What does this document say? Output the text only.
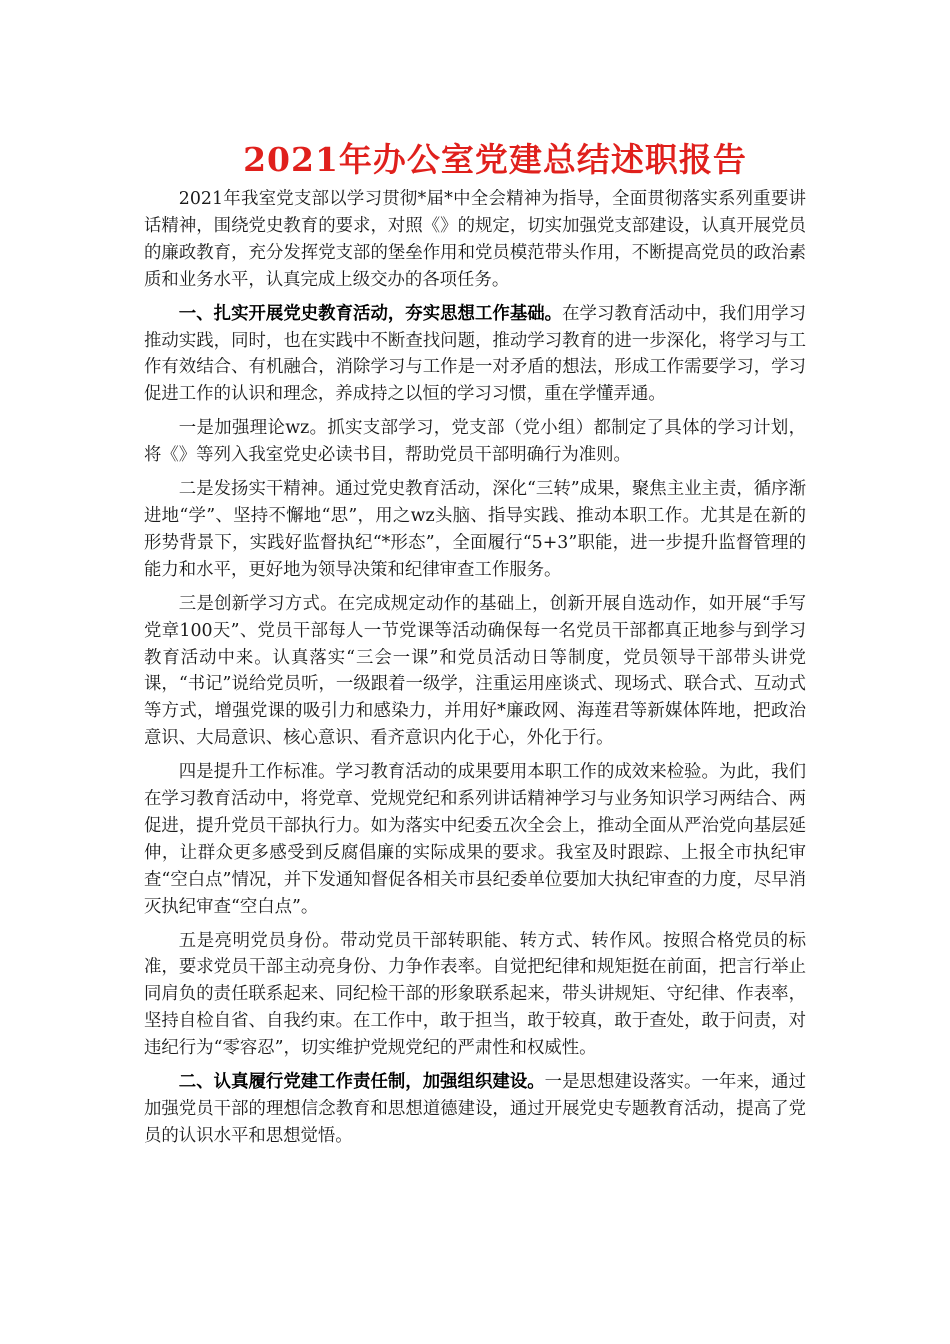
2021年办公室党建总结述职报告

2021年我室党支部以学习贯彻*届*中全会精神为指导，全面贯彻落实系列重要讲话精神，围绕党史教育的要求，对照《》的规定，切实加强党支部建设，认真开展党员的廉政教育，充分发挥党支部的堡垒作用和党员模范带头作用，不断提高党员的政治素质和业务水平，认真完成上级交办的各项任务。

一、扎实开展党史教育活动，夯实思想工作基础。在学习教育活动中，我们用学习推动实践，同时，也在实践中不断查找问题，推动学习教育的进一步深化，将学习与工作有效结合、有机融合，消除学习与工作是一对矛盾的想法，形成工作需要学习，学习促进工作的认识和理念，养成持之以恒的学习习惯，重在学懂弄通。

一是加强理论wz。抓实支部学习，党支部（党小组）都制定了具体的学习计划，将《》等列入我室党史必读书目，帮助党员干部明确行为准则。

二是发扬实干精神。通过党史教育活动，深化“三转”成果，聚焦主业主责，循序渐进地“学”、坚持不懈地“思”，用之wz头脑、指导实践、推动本职工作。尤其是在新的形势背景下，实践好监督执纪“*形态”，全面履行“5+3”职能，进一步提升监督管理的能力和水平，更好地为领导决策和纪律审查工作服务。

三是创新学习方式。在完成规定动作的基础上，创新开展自选动作，如开展“手写党章100天”、党员干部每人一节党课等活动确保每一名党员干部都真正地参与到学习教育活动中来。认真落实“三会一课”和党员活动日等制度，党员领导干部带头讲党课，“书记”说给党员听，一级跟着一级学，注重运用座谈式、现场式、联合式、互动式等方式，增强党课的吸引力和感染力，并用好*廉政网、海莲君等新媒体阵地，把政治意识、大局意识、核心意识、看齐意识内化于心，外化于行。

四是提升工作标准。学习教育活动的成果要用本职工作的成效来检验。为此，我们在学习教育活动中，将党章、党规党纪和系列讲话精神学习与业务知识学习两结合、两促进，提升党员干部执行力。如为落实中纪委五次全会上，推动全面从严治党向基层延伸，让群众更多感受到反腐倡廉的实际成果的要求。我室及时跟踪、上报全市执纪审查“空白点”情况，并下发通知督促各相关市县纪委单位要加大执纪审查的力度，尽早消灭执纪审查“空白点”。

五是亮明党员身份。带动党员干部转职能、转方式、转作风。按照合格党员的标准，要求党员干部主动亮身份、力争作表率。自觉把纪律和规矩挺在前面，把言行举止同肩负的责任联系起来、同纪检干部的形象联系起来，带头讲规矩、守纪律、作表率，坚持自检自省、自我约束。在工作中，敢于担当，敢于较真，敢于查处，敢于问责，对违纪行为“零容忍”，切实维护党规党纪的严肃性和权威性。

二、认真履行党建工作责任制，加强组织建设。一是思想建设落实。一年来，通过加强党员干部的理想信念教育和思想道德建设，通过开展党史专题教育活动，提高了党员的认识水平和思想觉悟。
